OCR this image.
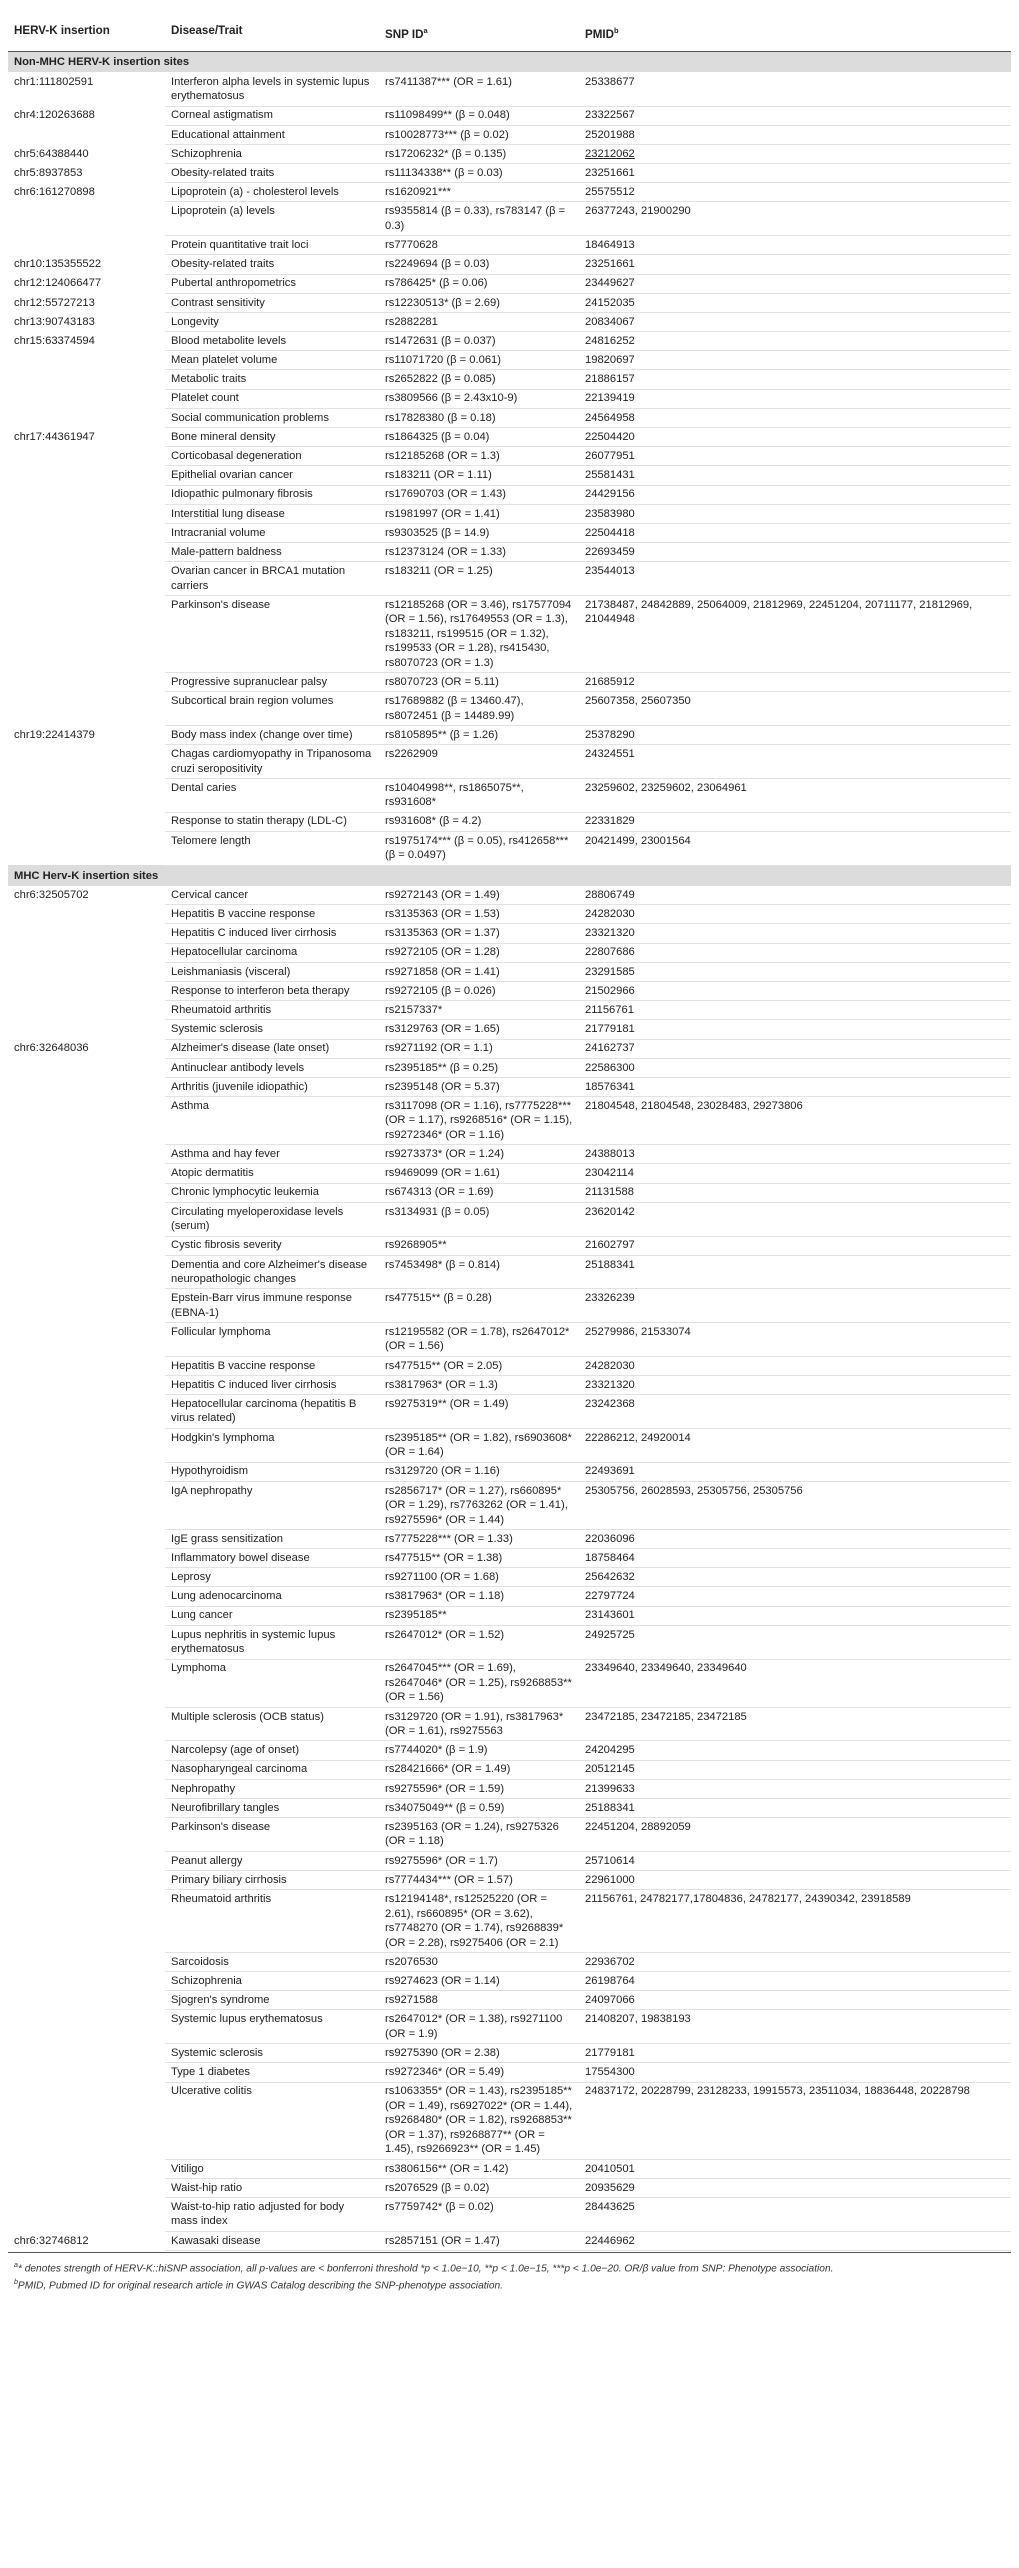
HERV-K insertion	Disease/Trait	SNP $ID^a$	PMID$^b$
Non-MHC HERV-K insertion sites			
chr1:111802591	Interferon alpha levels in systemic lupus erythematosus	rs7411387*** (OR = 1.61)	25338677
chr4:120263688	Corneal astigmatism	rs11098499** (β = 0.048)	23322567
	Educational attainment	rs10028773*** (β = 0.02)	25201988
chr5:64388440	Schizophrenia	rs17206232* (β = 0.135)	23212062
chr5:8937853	Obesity-related traits	rs11134338** (β = 0.03)	23251661
chr6:161270898	Lipoprotein (a) - cholesterol levels	rs1620921***	25575512
	Lipoprotein (a) levels	rs9355814 (β = 0.33), rs783147 (β = 0.3)	26377243, 21900290
	Protein quantitative trait loci	rs7770628	18464913
chr10:135355522	Obesity-related traits	rs2249694 (β = 0.03)	23251661
chr12:124066477	Pubertal anthropometrics	rs786425* (β = 0.06)	23449627
chr12:55727213	Contrast sensitivity	rs12230513* (β = 2.69)	24152035
chr13:90743183	Longevity	rs2882281	20834067
chr15:63374594	Blood metabolite levels	rs1472631 (β = 0.037)	24816252
	Mean platelet volume	rs11071720 (β = 0.061)	19820697
	Metabolic traits	rs2652822 (β = 0.085)	21886157
	Platelet count	rs3809566 (β = 2.43x10-9)	22139419
	Social communication problems	rs17828380 (β = 0.18)	24564958
chr17:44361947	Bone mineral density	rs1864325 (β = 0.04)	22504420
	Corticobasal degeneration	rs12185268 (OR = 1.3)	26077951
	Epithelial ovarian cancer	rs183211 (OR = 1.11)	25581431
	Idiopathic pulmonary fibrosis	rs17690703 (OR = 1.43)	24429156
	Interstitial lung disease	rs1981997 (OR = 1.41)	23583980
	Intracranial volume	rs9303525 (β = 14.9)	22504418
	Male-pattern baldness	rs12373124 (OR = 1.33)	22693459
	Ovarian cancer in BRCA1 mutation carriers	rs183211 (OR = 1.25)	23544013
	Parkinson's disease	rs12185268 (OR = 3.46), rs17577094 (OR = 1.56), rs17649553 (OR = 1.3), rs183211, rs199515 (OR = 1.32), rs199533 (OR = 1.28), rs415430, rs8070723 (OR = 1.3)	21738487, 24842889, 25064009, 21812969, 22451204, 20711177, 21812969, 21044948
	Progressive supranuclear palsy	rs8070723 (OR = 5.11)	21685912
	Subcortical brain region volumes	rs17689882 (β = 13460.47), rs8072451 (β = 14489.99)	25607358, 25607350
chr19:22414379	Body mass index (change over time)	rs8105895** (β = 1.26)	25378290
	Chagas cardiomyopathy in Tripanosoma cruzi seropositivity	rs2262909	24324551
	Dental caries	rs10404998**, rs1865075**, rs931608*	23259602, 23259602, 23064961
	Response to statin therapy (LDL-C)	rs931608* (β = 4.2)	22331829
	Telomere length	rs1975174*** (β = 0.05), rs412658*** (β = 0.0497)	20421499, 23001564
MHC Herv-K insertion sites			
chr6:32505702	Cervical cancer	rs9272143 (OR = 1.49)	28806749
	Hepatitis B vaccine response	rs3135363 (OR = 1.53)	24282030
	Hepatitis C induced liver cirrhosis	rs3135363 (OR = 1.37)	23321320
	Hepatocellular carcinoma	rs9272105 (OR = 1.28)	22807686
	Leishmaniasis (visceral)	rs9271858 (OR = 1.41)	23291585
	Response to interferon beta therapy	rs9272105 (β = 0.026)	21502966
	Rheumatoid arthritis	rs2157337*	21156761
	Systemic sclerosis	rs3129763 (OR = 1.65)	21779181
chr6:32648036	Alzheimer's disease (late onset)	rs9271192 (OR = 1.1)	24162737
	Antinuclear antibody levels	rs2395185** (β = 0.25)	22586300
	Arthritis (juvenile idiopathic)	rs2395148 (OR = 5.37)	18576341
	Asthma	rs3117098 (OR = 1.16), rs7775228*** (OR = 1.17), rs9268516* (OR = 1.15), rs9272346* (OR = 1.16)	21804548, 21804548, 23028483, 29273806
	Asthma and hay fever	rs9273373* (OR = 1.24)	24388013
	Atopic dermatitis	rs9469099 (OR = 1.61)	23042114
	Chronic lymphocytic leukemia	rs674313 (OR = 1.69)	21131588
	Circulating myeloperoxidase levels (serum)	rs3134931 (β = 0.05)	23620142
	Cystic fibrosis severity	rs9268905**	21602797
	Dementia and core Alzheimer's disease neuropathologic changes	rs7453498* (β = 0.814)	25188341
	Epstein-Barr virus immune response (EBNA-1)	rs477515** (β = 0.28)	23326239
	Follicular lymphoma	rs12195582 (OR = 1.78), rs2647012* (OR = 1.56)	25279986, 21533074
	Hepatitis B vaccine response	rs477515** (OR = 2.05)	24282030
	Hepatitis C induced liver cirrhosis	rs3817963* (OR = 1.3)	23321320
	Hepatocellular carcinoma (hepatitis B virus related)	rs9275319** (OR = 1.49)	23242368
	Hodgkin's lymphoma	rs2395185** (OR = 1.82), rs6903608* (OR = 1.64)	22286212, 24920014
	Hypothyroidism	rs3129720 (OR = 1.16)	22493691
	IgA nephropathy	rs2856717* (OR = 1.27), rs660895* (OR = 1.29), rs7763262 (OR = 1.41), rs9275596* (OR = 1.44)	25305756, 26028593, 25305756, 25305756
	IgE grass sensitization	rs7775228*** (OR = 1.33)	22036096
	Inflammatory bowel disease	rs477515** (OR = 1.38)	18758464
	Leprosy	rs9271100 (OR = 1.68)	25642632
	Lung adenocarcinoma	rs3817963* (OR = 1.18)	22797724
	Lung cancer	rs2395185**	23143601
	Lupus nephritis in systemic lupus erythematosus	rs2647012* (OR = 1.52)	24925725
	Lymphoma	rs2647045*** (OR = 1.69), rs2647046* (OR = 1.25), rs9268853** (OR = 1.56)	23349640, 23349640, 23349640
	Multiple sclerosis (OCB status)	rs3129720 (OR = 1.91), rs3817963* (OR = 1.61), rs9275563	23472185, 23472185, 23472185
	Narcolepsy (age of onset)	rs7744020* (β = 1.9)	24204295
	Nasopharyngeal carcinoma	rs28421666* (OR = 1.49)	20512145
	Nephropathy	rs9275596* (OR = 1.59)	21399633
	Neurofibrillary tangles	rs34075049** (β = 0.59)	25188341
	Parkinson's disease	rs2395163 (OR = 1.24), rs9275326 (OR = 1.18)	22451204, 28892059
	Peanut allergy	rs9275596* (OR = 1.7)	25710614
	Primary biliary cirrhosis	rs7774434*** (OR = 1.57)	22961000
	Rheumatoid arthritis	rs12194148*, rs12525220 (OR = 2.61), rs660895* (OR = 3.62), rs7748270 (OR = 1.74), rs9268839* (OR = 2.28), rs9275406 (OR = 2.1)	21156761, 24782177,17804836, 24782177, 24390342, 23918589
	Sarcoidosis	rs2076530	22936702
	Schizophrenia	rs9274623 (OR = 1.14)	26198764
	Sjogren's syndrome	rs9271588	24097066
	Systemic lupus erythematosus	rs2647012* (OR = 1.38), rs9271100 (OR = 1.9)	21408207, 19838193
	Systemic sclerosis	rs9275390 (OR = 2.38)	21779181
	Type 1 diabetes	rs9272346* (OR = 5.49)	17554300
	Ulcerative colitis	rs1063355* (OR = 1.43), rs2395185** (OR = 1.49), rs6927022* (OR = 1.44), rs9268480* (OR = 1.82), rs9268853** (OR = 1.37), rs9268877** (OR = 1.45), rs9266923** (OR = 1.45)	24837172, 20228799, 23128233, 19915573, 23511034, 18836448, 20228798
	Vitiligo	rs3806156** (OR = 1.42)	20410501
	Waist-hip ratio	rs2076529 (β = 0.02)	20935629
	Waist-to-hip ratio adjusted for body mass index	rs7759742* (β = 0.02)	28443625
chr6:32746812	Kawasaki disease	rs2857151 (OR = 1.47)	22446962
$^a$* denotes strength of HERV-K::hiSNP association, all p-values are < bonferroni threshold *p < 1.0e−10, **p < 1.0e−15, ***p < 1.0e−20. OR/β value from SNP: Phenotype association.
$^b$PMID, Pubmed ID for original research article in GWAS Catalog describing the SNP-phenotype association.
